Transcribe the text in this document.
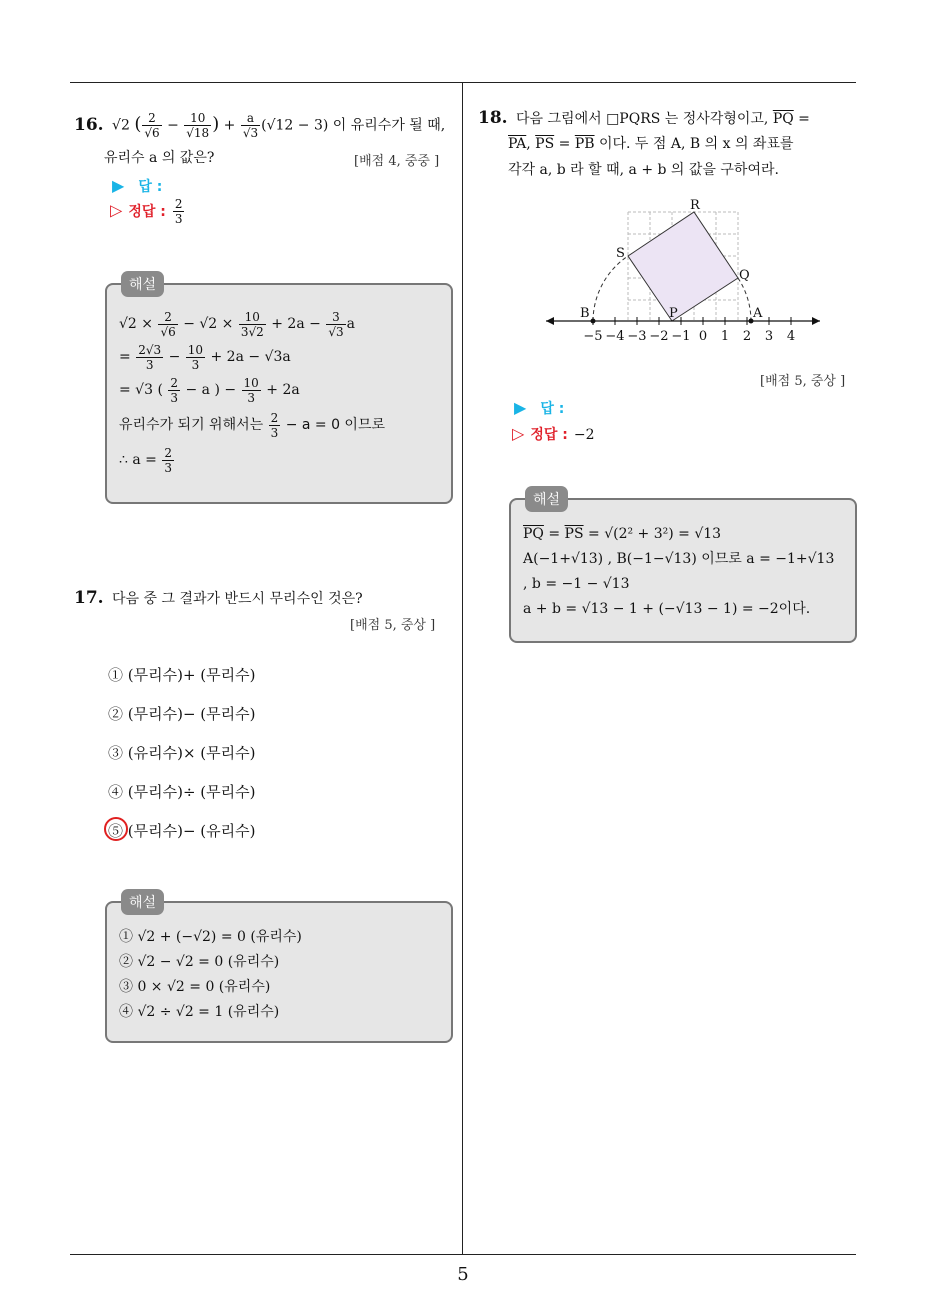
5
16. √2 ( $\frac{2}{√6} - \frac{10}{√18}$ ) + $\frac{a}{√3} (√12 - 3)$ 이 유리수가 될 때,
유리수 a 의 값은?	[배점 4, 중중 ]
▶ 답 :
▷ 정답 : $\frac{2}{3}$
해설
$√2 \times \frac{2}{√6} - √2 \times \frac{10}{3√2} + 2a - \frac{3}{√3}$ a
= $\frac{2√3}{3} - \frac{10}{3} + 2a - √3a$
= √3 ( $\frac{2}{3} - a$ ) − $\frac{10}{3} + 2a$
유리수가 되기 위해서는 $\frac{2}{3} - a = 0$ 이므로
∴ $a = \frac{2}{3}$
17. 다음 중 그 결과가 반드시 무리수인 것은?
[배점 5, 중상 ]
① (무리수)+ (무리수)
② (무리수)− (무리수)
③ (유리수)× (무리수)
④ (무리수)÷ (무리수)
⑤ (무리수)− (유리수)
해설
① √2 + (−√2) = 0 (유리수)
② √2 − √2 = 0 (유리수)
③ 0 × √2 = 0 (유리수)
④ √2 ÷ √2 = 1 (유리수)
18. 다음 그림에서 □PQRS 는 정사각형이고, $\overline{PQ}$ =
$\overline{PA}$, $\overline{PS} = \overline{PB}$ 이다. 두 점 A, B 의 x 의 좌표를
각각 a, b 라 할 때, a + b 의 값을 구하여라.
R
S
Q
P
B	A
−5 −4 −3 −2 −1 0 1 2 3 4
[배점 5, 중상 ]
▶ 답 :
▷ 정답 : −2
해설
$\overline{PQ} = \overline{PS} = √(2^2 + 3^2) = √13$
A(−1+√13) , B(−1−√13) 이므로 a = −1+√13
, b = −1 − √13
a + b = √13 − 1 + (−√13 − 1) = −2이다.
